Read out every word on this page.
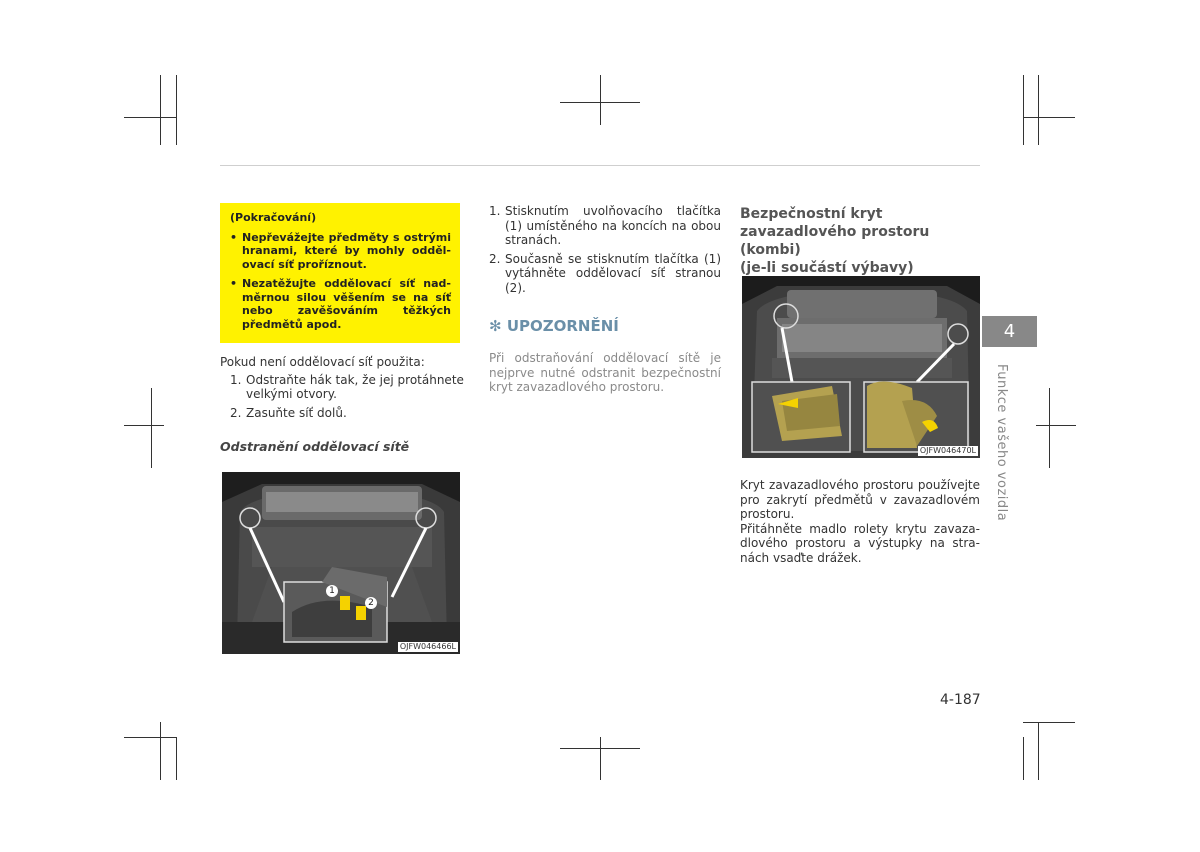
(Pokračování)
• Nepřevážejte předměty s ostrými hranami, které by mohly oddělovací síť proříznout.
• Nezatěžujte oddělovací síť nadměrnou silou věšením se na síť nebo zavěšováním těžkých předmětů apod.
Pokud není oddělovací síť použita:
1. Odstraňte hák tak, že jej protáhnete velkými otvory.
2. Zasuňte síť dolů.
Odstranění oddělovací sítě
1
2
OJFW046466L
1. Stisknutím uvolňovacího tlačítka (1) umístěného na koncích na obou stranách.
2. Současně se stisknutím tlačítka (1) vytáhněte oddělovací síť stranou (2).
✻ UPOZORNĚNÍ
Při odstraňování oddělovací sítě je nejprve nutné odstranit bezpečnostní kryt zavazadlového prostoru.
Bezpečnostní kryt
zavazadlového prostoru (kombi)
(je-li součástí výbavy)
OJFW046470L
Kryt zavazadlového prostoru používejte pro zakrytí předmětů v zavazadlovém prostoru.
Přitáhněte madlo rolety krytu zavazadlového prostoru a výstupky na stranách vsaďte drážek.
4
Funkce vašeho vozidla
4-187
